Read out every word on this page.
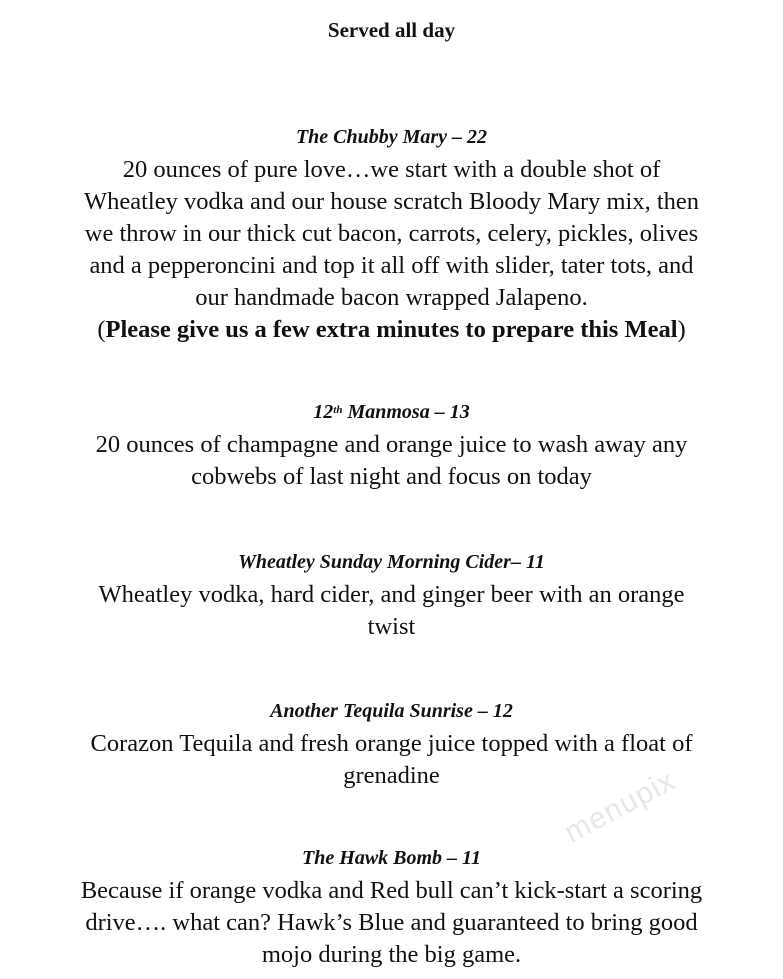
Served all day
The Chubby Mary – 22
20 ounces of pure love…we start with a double shot of
Wheatley vodka and our house scratch Bloody Mary mix, then
we throw in our thick cut bacon, carrots, celery, pickles, olives
and a pepperoncini and top it all off with slider, tater tots, and
our handmade bacon wrapped Jalapeno.
(Please give us a few extra minutes to prepare this Meal)
12th Manmosa – 13
20 ounces of champagne and orange juice to wash away any
cobwebs of last night and focus on today
Wheatley Sunday Morning Cider– 11
Wheatley vodka, hard cider, and ginger beer with an orange
twist
Another Tequila Sunrise – 12
Corazon Tequila and fresh orange juice topped with a float of
grenadine
The Hawk Bomb – 11
Because if orange vodka and Red bull can’t kick-start a scoring
drive…. what can? Hawk’s Blue and guaranteed to bring good
mojo during the big game.
menupix
